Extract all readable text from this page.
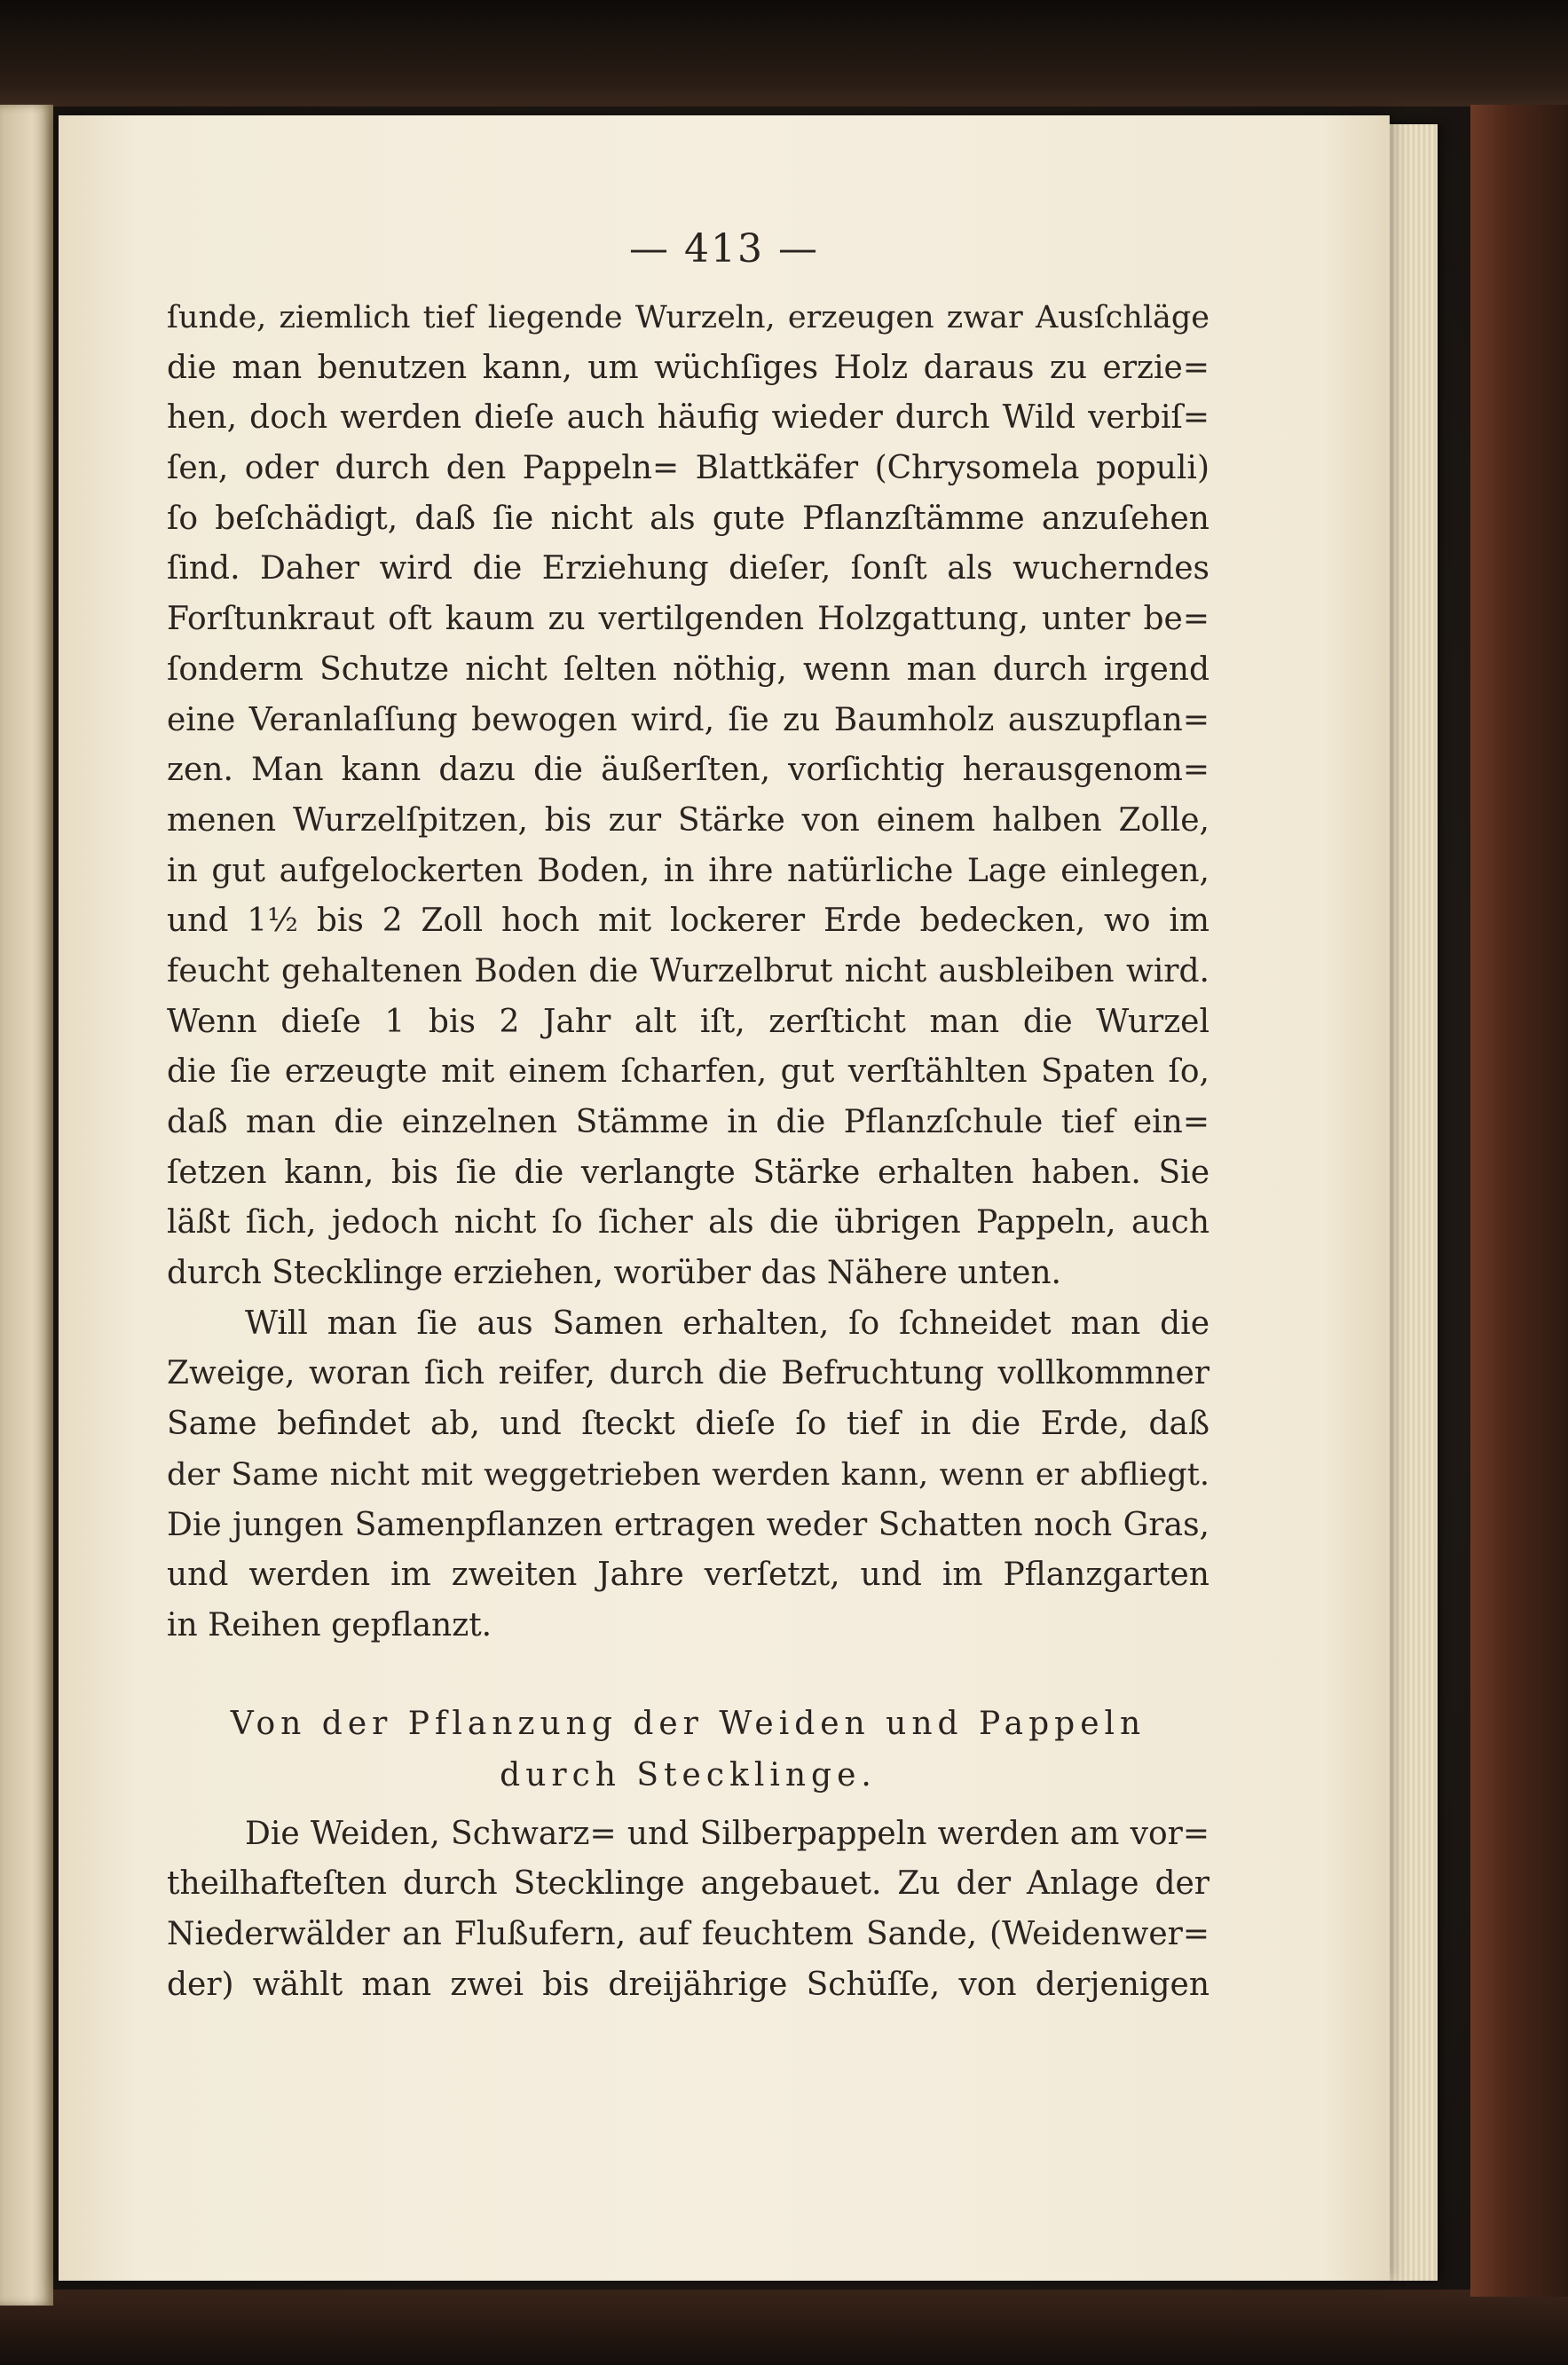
— 413 —
ſunde, ziemlich tief liegende Wurzeln, erzeugen zwar Ausſchläge
die man benutzen kann, um wüchſiges Holz daraus zu erzie=
hen, doch werden dieſe auch häufig wieder durch Wild verbiſ=
ſen, oder durch den Pappeln= Blattkäfer (Chrysomela populi)
ſo beſchädigt, daß ſie nicht als gute Pflanzſtämme anzuſehen
ſind. Daher wird die Erziehung dieſer, ſonſt als wucherndes
Forſtunkraut oft kaum zu vertilgenden Holzgattung, unter be=
ſonderm Schutze nicht ſelten nöthig, wenn man durch irgend
eine Veranlaſſung bewogen wird, ſie zu Baumholz auszupflan=
zen. Man kann dazu die äußerſten, vorſichtig herausgenom=
menen Wurzelſpitzen, bis zur Stärke von einem halben Zolle,
in gut aufgelockerten Boden, in ihre natürliche Lage einlegen,
und 1½ bis 2 Zoll hoch mit lockerer Erde bedecken, wo im
feucht gehaltenen Boden die Wurzelbrut nicht ausbleiben wird.
Wenn dieſe 1 bis 2 Jahr alt iſt, zerſticht man die Wurzel
die ſie erzeugte mit einem ſcharfen, gut verſtählten Spaten ſo,
daß man die einzelnen Stämme in die Pflanzſchule tief ein=
ſetzen kann, bis ſie die verlangte Stärke erhalten haben. Sie
läßt ſich, jedoch nicht ſo ſicher als die übrigen Pappeln, auch
durch Stecklinge erziehen, worüber das Nähere unten.
Will man ſie aus Samen erhalten, ſo ſchneidet man die
Zweige, woran ſich reifer, durch die Befruchtung vollkommner
Same befindet ab, und ſteckt dieſe ſo tief in die Erde, daß
der Same nicht mit weggetrieben werden kann, wenn er abfliegt.
Die jungen Samenpflanzen ertragen weder Schatten noch Gras,
und werden im zweiten Jahre verſetzt, und im Pflanzgarten
in Reihen gepflanzt.
Von der Pflanzung der Weiden und Pappeln
durch Stecklinge.
Die Weiden, Schwarz= und Silberpappeln werden am vor=
theilhafteſten durch Stecklinge angebauet. Zu der Anlage der
Niederwälder an Flußufern, auf feuchtem Sande, (Weidenwer=
der) wählt man zwei bis dreijährige Schüſſe, von derjenigen
